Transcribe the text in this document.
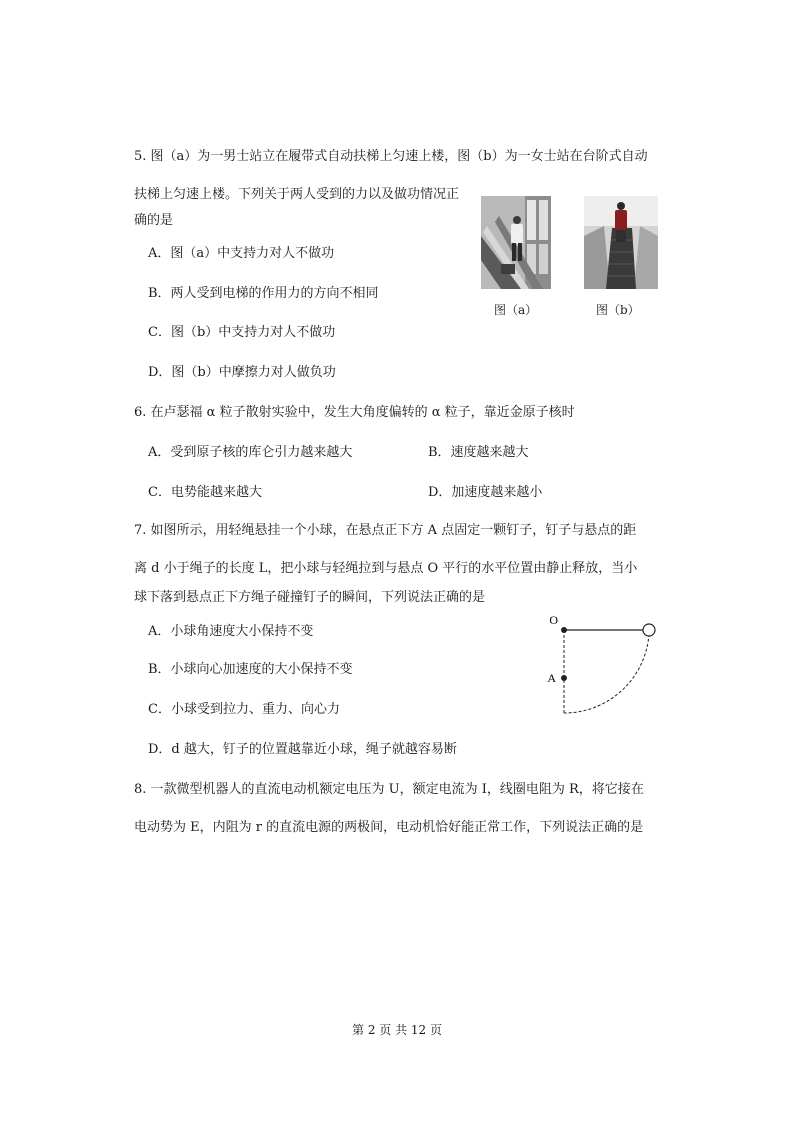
5. 图（a）为一男士站立在履带式自动扶梯上匀速上楼，图（b）为一女士站在台阶式自动
扶梯上匀速上楼。下列关于两人受到的力以及做功情况正
确的是
A．图（a）中支持力对人不做功
B．两人受到电梯的作用力的方向不相同
C．图（b）中支持力对人不做功
D．图（b）中摩擦力对人做负功
图（a）	图（b）
6. 在卢瑟福 α 粒子散射实验中，发生大角度偏转的 α 粒子，靠近金原子核时
A．受到原子核的库仑引力越来越大	B．速度越来越大
C．电势能越来越大	D．加速度越来越小
7. 如图所示，用轻绳悬挂一个小球，在悬点正下方 A 点固定一颗钉子，钉子与悬点的距
离 d 小于绳子的长度 L，把小球与轻绳拉到与悬点 O 平行的水平位置由静止释放，当小
球下落到悬点正下方绳子碰撞钉子的瞬间，下列说法正确的是
A．小球角速度大小保持不变
B．小球向心加速度的大小保持不变
C．小球受到拉力、重力、向心力
D．d 越大，钉子的位置越靠近小球，绳子就越容易断
O
A
8. 一款微型机器人的直流电动机额定电压为 U，额定电流为 I，线圈电阻为 R，将它接在
电动势为 E，内阻为 r 的直流电源的两极间，电动机恰好能正常工作，下列说法正确的是
第 2 页 共 12 页
